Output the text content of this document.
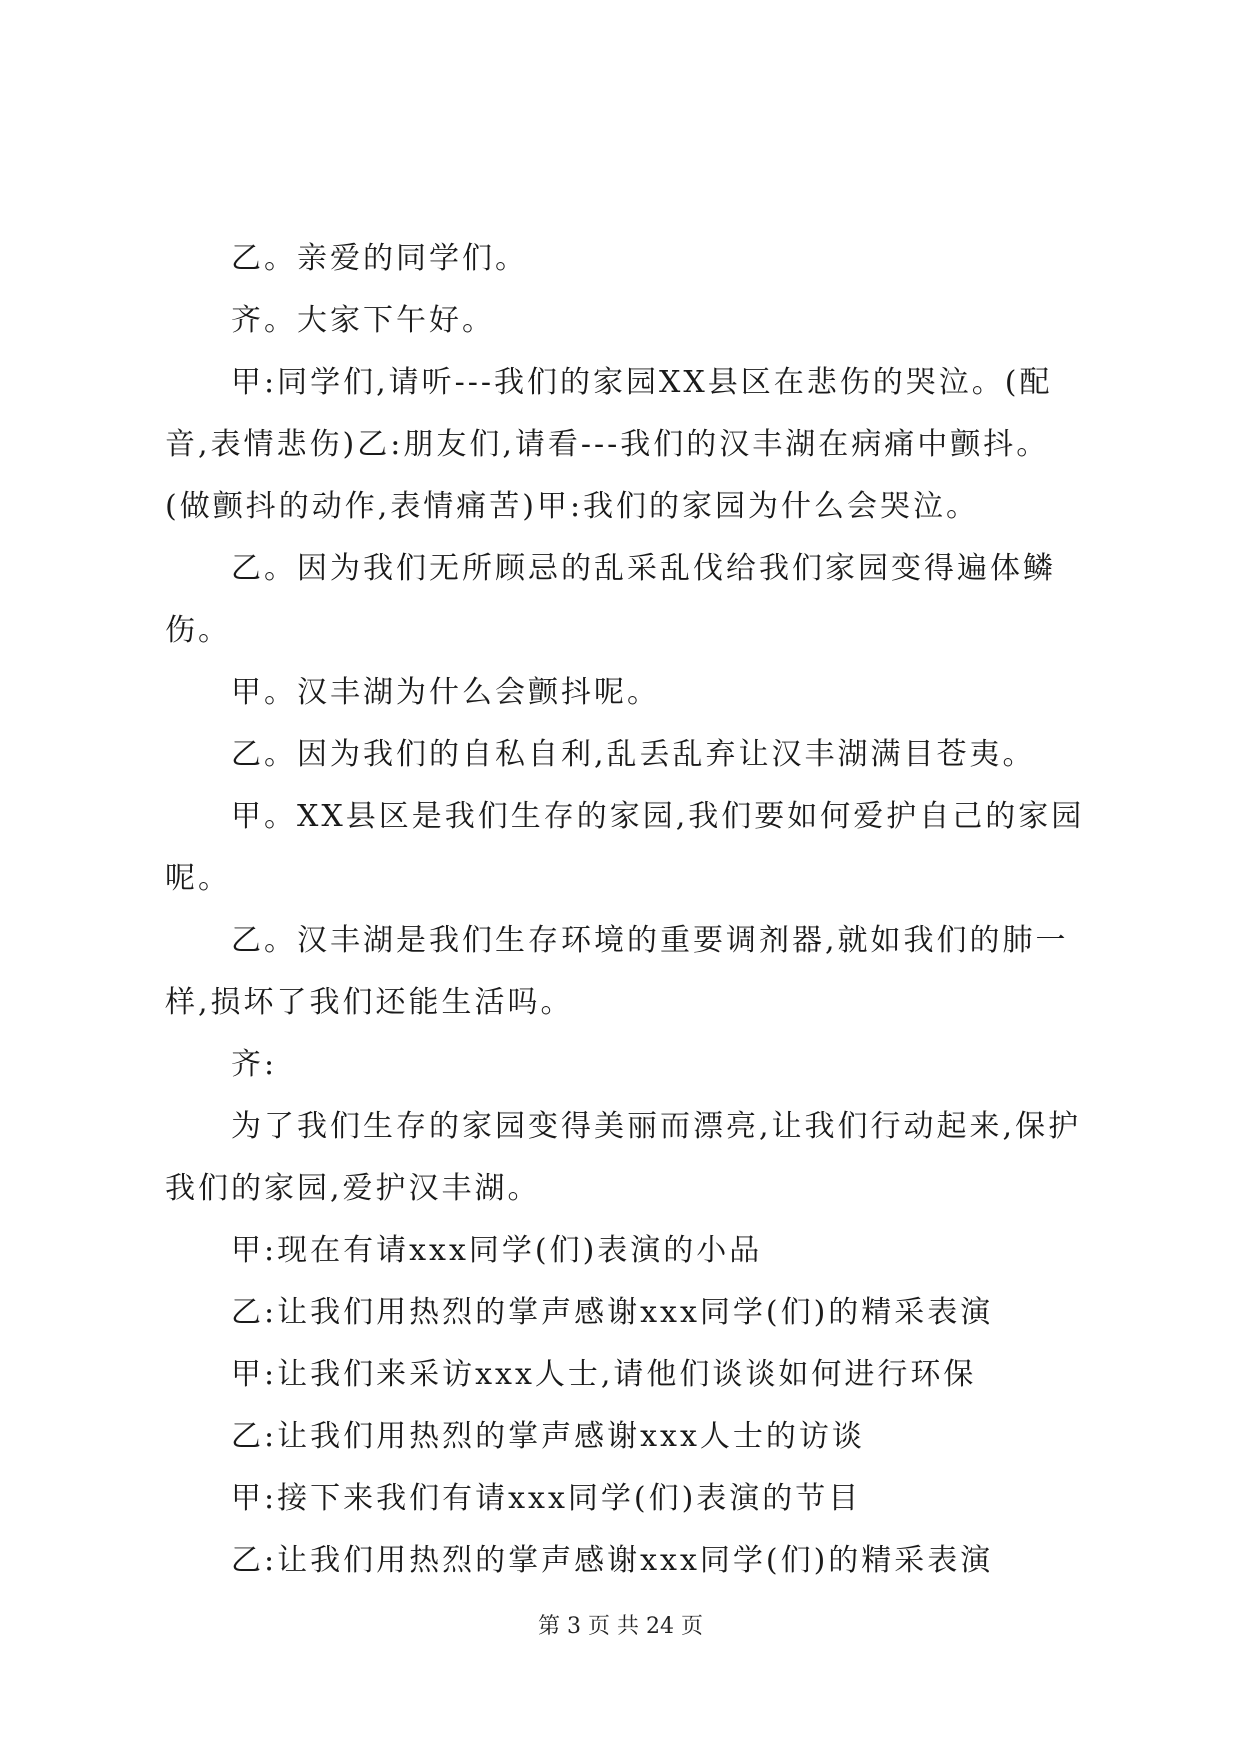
乙。亲爱的同学们。

齐。大家下午好。

甲:同学们,请听---我们的家园XX县区在悲伤的哭泣。(配音,表情悲伤)乙:朋友们,请看---我们的汉丰湖在病痛中颤抖。(做颤抖的动作,表情痛苦)甲:我们的家园为什么会哭泣。

乙。因为我们无所顾忌的乱采乱伐给我们家园变得遍体鳞伤。

甲。汉丰湖为什么会颤抖呢。

乙。因为我们的自私自利,乱丢乱弃让汉丰湖满目苍夷。

甲。XX县区是我们生存的家园,我们要如何爱护自己的家园呢。

乙。汉丰湖是我们生存环境的重要调剂器,就如我们的肺一样,损坏了我们还能生活吗。

齐:

为了我们生存的家园变得美丽而漂亮,让我们行动起来,保护我们的家园,爱护汉丰湖。

甲:现在有请xxx同学(们)表演的小品

乙:让我们用热烈的掌声感谢xxx同学(们)的精采表演

甲:让我们来采访xxx人士,请他们谈谈如何进行环保

乙:让我们用热烈的掌声感谢xxx人士的访谈

甲:接下来我们有请xxx同学(们)表演的节目

乙:让我们用热烈的掌声感谢xxx同学(们)的精采表演

第 3 页 共 24 页
